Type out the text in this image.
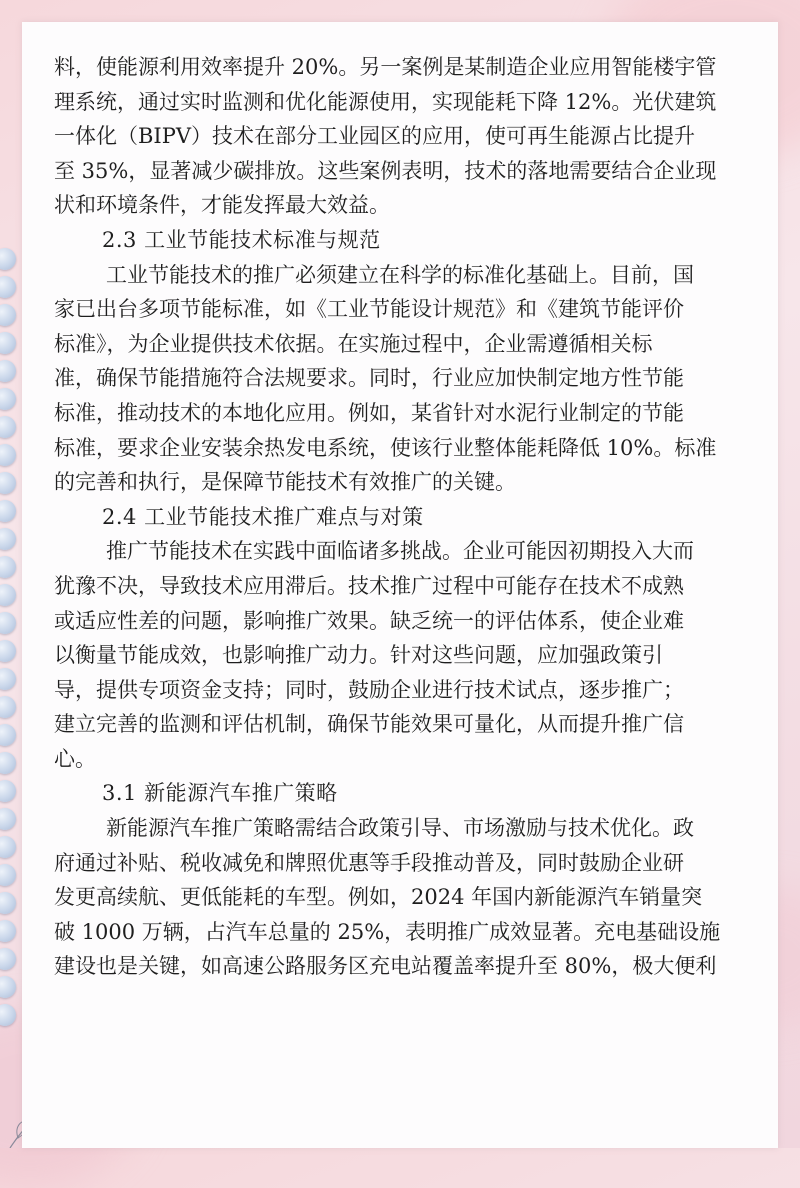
料，使能源利用效率提升 20%。另一案例是某制造企业应用智能楼宇管
理系统，通过实时监测和优化能源使用，实现能耗下降 12%。光伏建筑
一体化（BIPV）技术在部分工业园区的应用，使可再生能源占比提升
至 35%，显著减少碳排放。这些案例表明，技术的落地需要结合企业现
状和环境条件，才能发挥最大效益。
2.3 工业节能技术标准与规范
工业节能技术的推广必须建立在科学的标准化基础上。目前，国
家已出台多项节能标准，如《工业节能设计规范》和《建筑节能评价
标准》，为企业提供技术依据。在实施过程中，企业需遵循相关标
准，确保节能措施符合法规要求。同时，行业应加快制定地方性节能
标准，推动技术的本地化应用。例如，某省针对水泥行业制定的节能
标准，要求企业安装余热发电系统，使该行业整体能耗降低 10%。标准
的完善和执行，是保障节能技术有效推广的关键。
2.4 工业节能技术推广难点与对策
推广节能技术在实践中面临诸多挑战。企业可能因初期投入大而
犹豫不决，导致技术应用滞后。技术推广过程中可能存在技术不成熟
或适应性差的问题，影响推广效果。缺乏统一的评估体系，使企业难
以衡量节能成效，也影响推广动力。针对这些问题，应加强政策引
导，提供专项资金支持；同时，鼓励企业进行技术试点，逐步推广；
建立完善的监测和评估机制，确保节能效果可量化，从而提升推广信
心。
3.1 新能源汽车推广策略
新能源汽车推广策略需结合政策引导、市场激励与技术优化。政
府通过补贴、税收减免和牌照优惠等手段推动普及，同时鼓励企业研
发更高续航、更低能耗的车型。例如，2024 年国内新能源汽车销量突
破 1000 万辆，占汽车总量的 25%，表明推广成效显著。充电基础设施
建设也是关键，如高速公路服务区充电站覆盖率提升至 80%，极大便利
